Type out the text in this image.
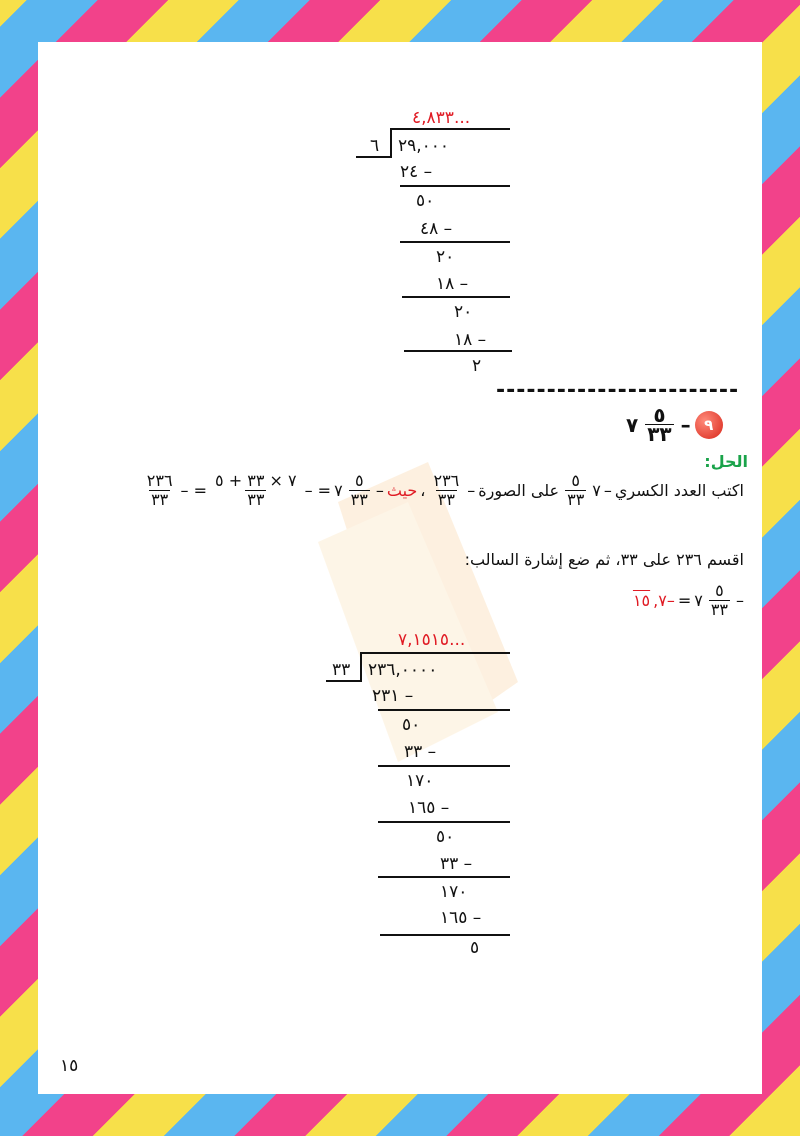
٤,٨٣٣...
٦ ٢٩,٠٠٠
٢٤ –
٥٠
٤٨ –
٢٠
١٨ –
٢٠
١٨ –
٢
------------------------
٩
–
$\frac{٥}{٣٣}$
٧
الحل:
اكتب العدد الكسري
–
٧
$\frac{٥}{٣٣}$
على الصورة
–
$\frac{٢٣٦}{٣٣}$
،
حيث
–
$\frac{٥}{٣٣}$
٧
= –
$\frac{٧ \times ٣٣ + ٥}{٣٣}$
= –
$\frac{٢٣٦}{٣٣}$
اقسم ٢٣٦ على ٣٣، ثم ضع إشارة السالب:
–
$\frac{٥}{٣٣}$
٧
=
–٧,
١٥
٧,١٥١٥...
٣٣ ٢٣٦,٠٠٠٠
٢٣١ –
٥٠
٣٣ –
١٧٠
١٦٥ –
٥٠
٣٣ –
١٧٠
١٦٥ –
٥
١٥
